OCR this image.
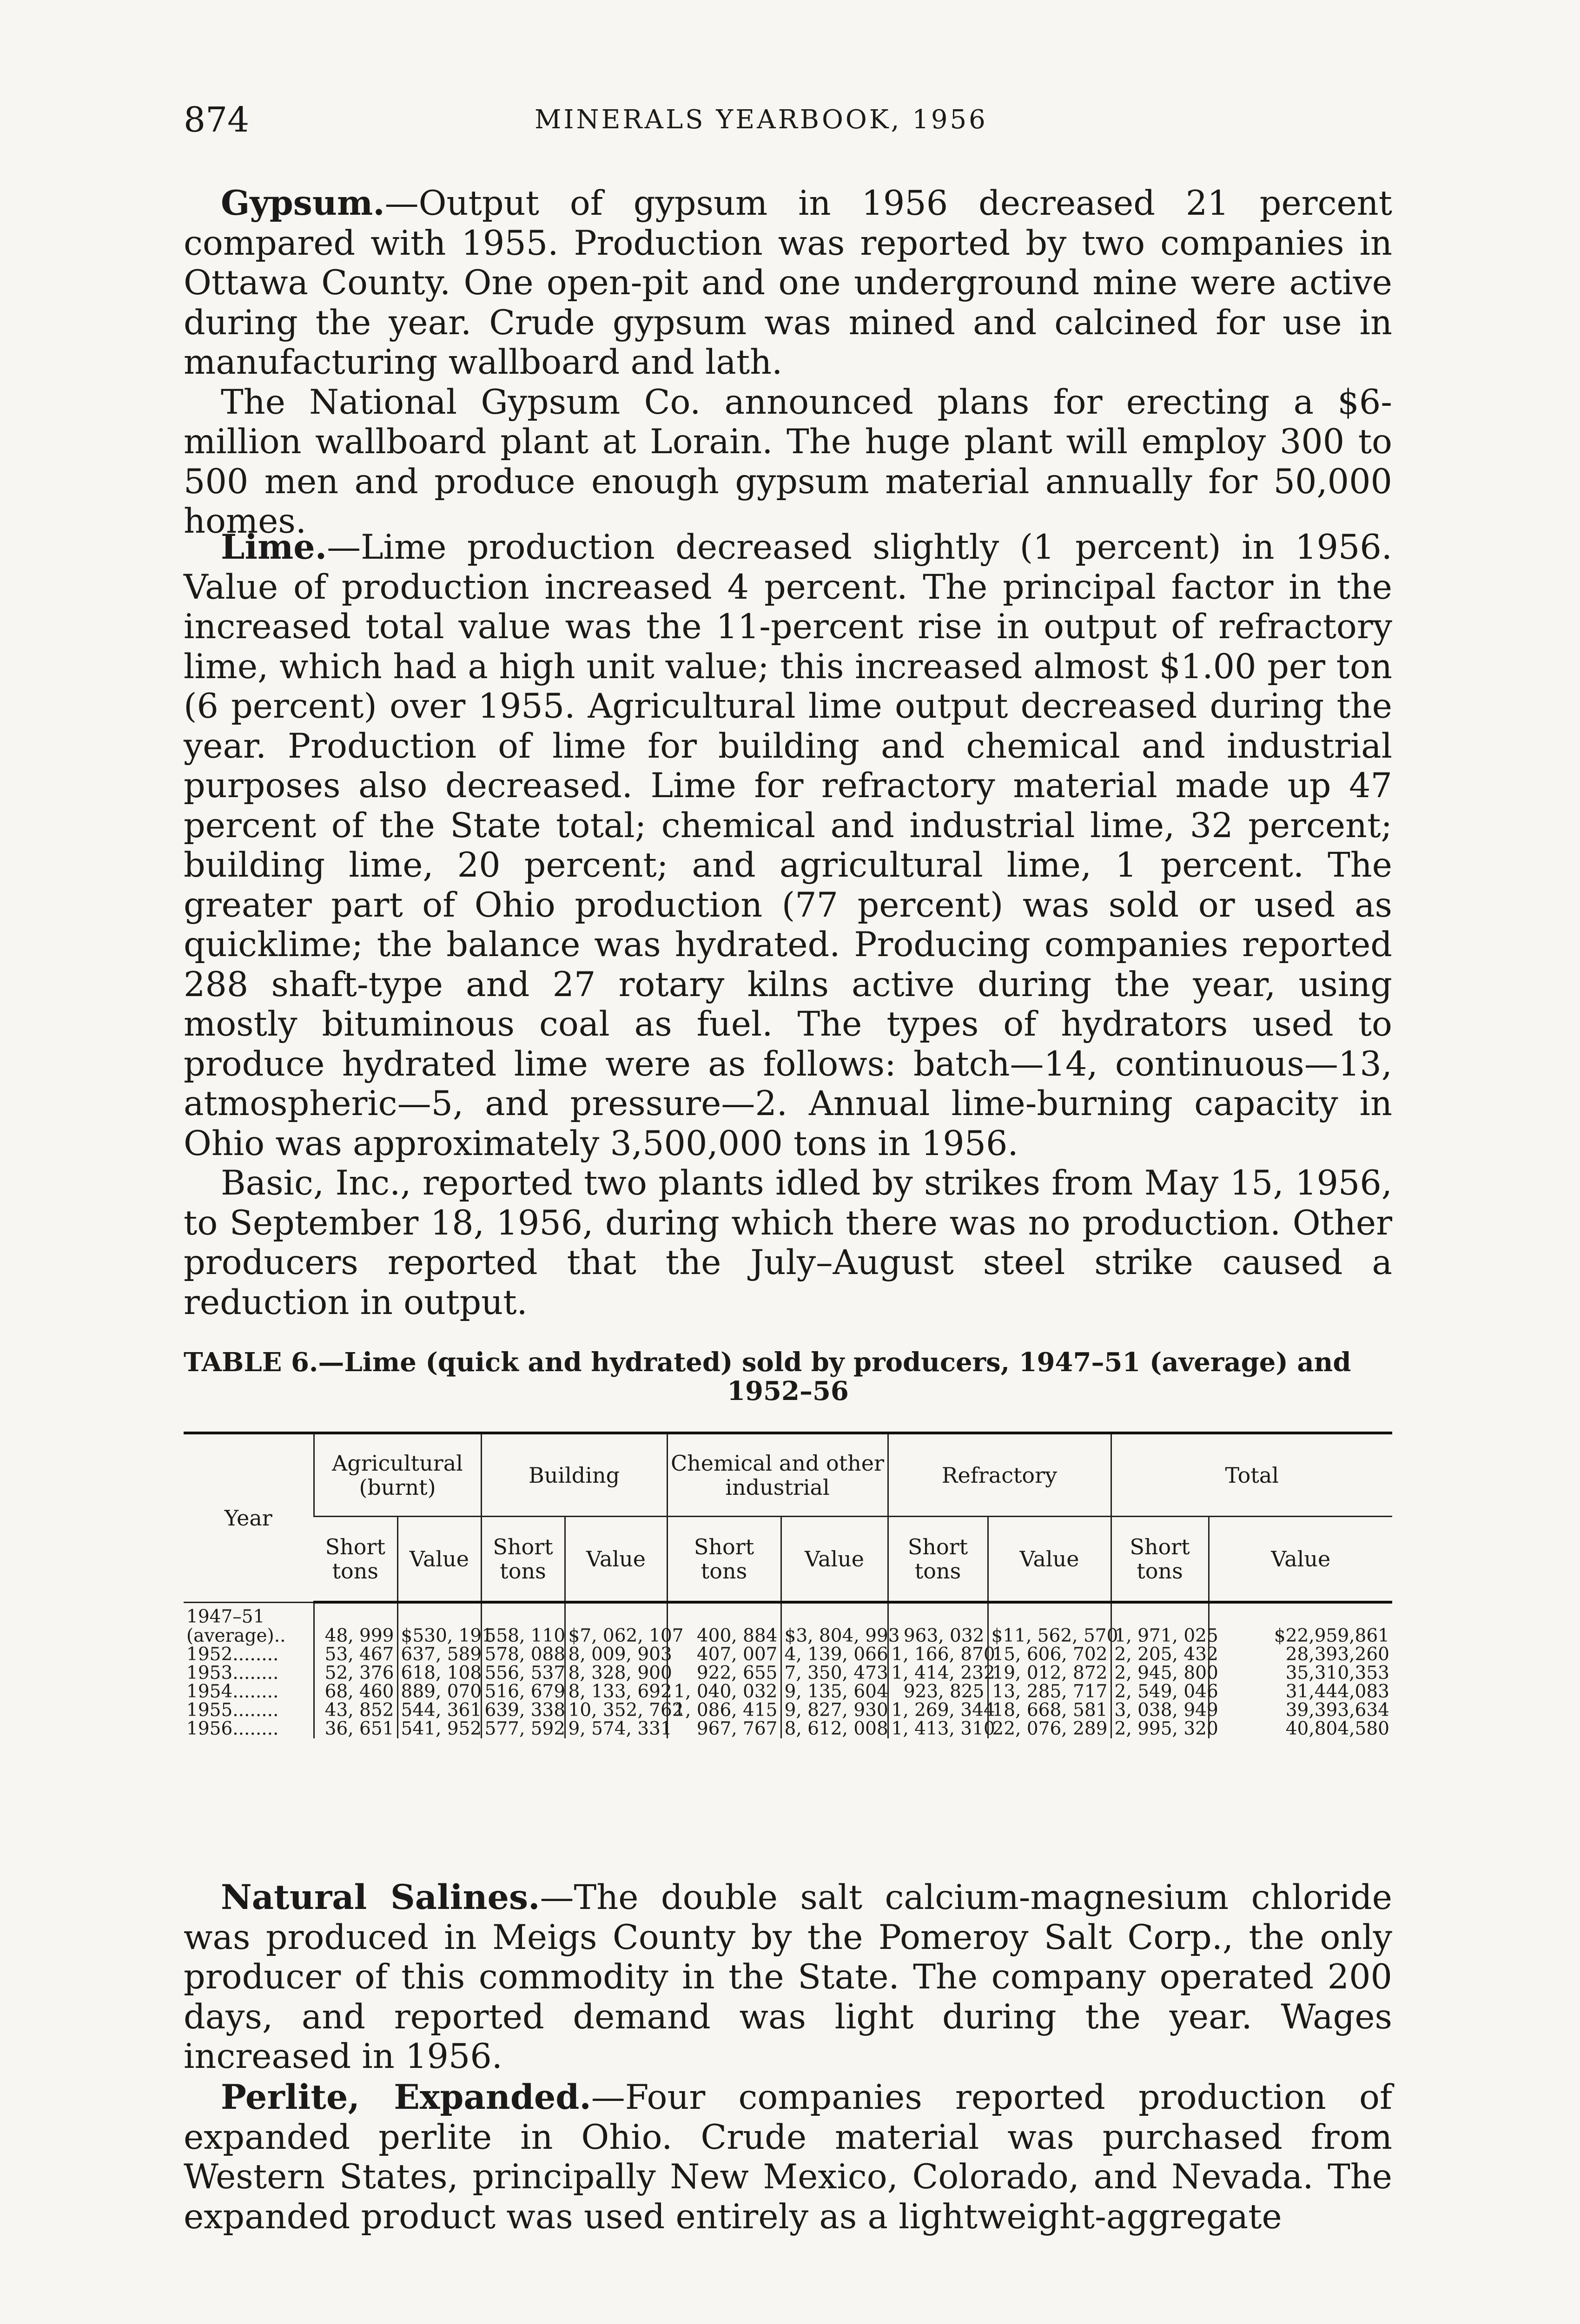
874	MINERALS YEARBOOK, 1956

Gypsum.—Output of gypsum in 1956 decreased 21 percent compared with 1955. Production was reported by two companies in Ottawa County. One open-pit and one underground mine were active during the year. Crude gypsum was mined and calcined for use in manufacturing wallboard and lath.

The National Gypsum Co. announced plans for erecting a $6-million wallboard plant at Lorain. The huge plant will employ 300 to 500 men and produce enough gypsum material annually for 50,000 homes.

Lime.—Lime production decreased slightly (1 percent) in 1956. Value of production increased 4 percent. The principal factor in the increased total value was the 11-percent rise in output of refractory lime, which had a high unit value; this increased almost $1.00 per ton (6 percent) over 1955. Agricultural lime output decreased during the year. Production of lime for building and chemical and industrial purposes also decreased. Lime for refractory material made up 47 percent of the State total; chemical and industrial lime, 32 percent; building lime, 20 percent; and agricultural lime, 1 percent. The greater part of Ohio production (77 percent) was sold or used as quicklime; the balance was hydrated. Producing companies reported 288 shaft-type and 27 rotary kilns active during the year, using mostly bituminous coal as fuel. The types of hydrators used to produce hydrated lime were as follows: batch—14, continuous—13, atmospheric—5, and pressure—2. Annual lime-burning capacity in Ohio was approximately 3,500,000 tons in 1956.

Basic, Inc., reported two plants idled by strikes from May 15, 1956, to September 18, 1956, during which there was no production. Other producers reported that the July–August steel strike caused a reduction in output.

TABLE 6.—Lime (quick and hydrated) sold by producers, 1947–51 (average) and
1952–56
Year	Agricultural (burnt)		Building		Chemical and other industrial		Refractory		Total	
	Short tons	Value	Short tons	Value	Short tons	Value	Short tons	Value	Short tons	Value
1947–51										
(average)..	48, 999	$530, 191	558, 110	$7, 062, 107	400, 884	$3, 804, 993	963, 032	$11, 562, 570	1, 971, 025	$22,959,861
1952........	53, 467	637, 589	578, 088	8, 009, 903	407, 007	4, 139, 066	1, 166, 870	15, 606, 702	2, 205, 432	28,393,260
1953........	52, 376	618, 108	556, 537	8, 328, 900	922, 655	7, 350, 473	1, 414, 232	19, 012, 872	2, 945, 800	35,310,353
1954........	68, 460	889, 070	516, 679	8, 133, 692	1, 040, 032	9, 135, 604	923, 825	13, 285, 717	2, 549, 046	31,444,083
1955........	43, 852	544, 361	639, 338	10, 352, 762	1, 086, 415	9, 827, 930	1, 269, 344	18, 668, 581	3, 038, 949	39,393,634
1956........	36, 651	541, 952	577, 592	9, 574, 331	967, 767	8, 612, 008	1, 413, 310	22, 076, 289	2, 995, 320	40,804,580

Natural Salines.—The double salt calcium-magnesium chloride was produced in Meigs County by the Pomeroy Salt Corp., the only producer of this commodity in the State. The company operated 200 days, and reported demand was light during the year. Wages increased in 1956.

Perlite, Expanded.—Four companies reported production of expanded perlite in Ohio. Crude material was purchased from Western States, principally New Mexico, Colorado, and Nevada. The expanded product was used entirely as a lightweight-aggregate
